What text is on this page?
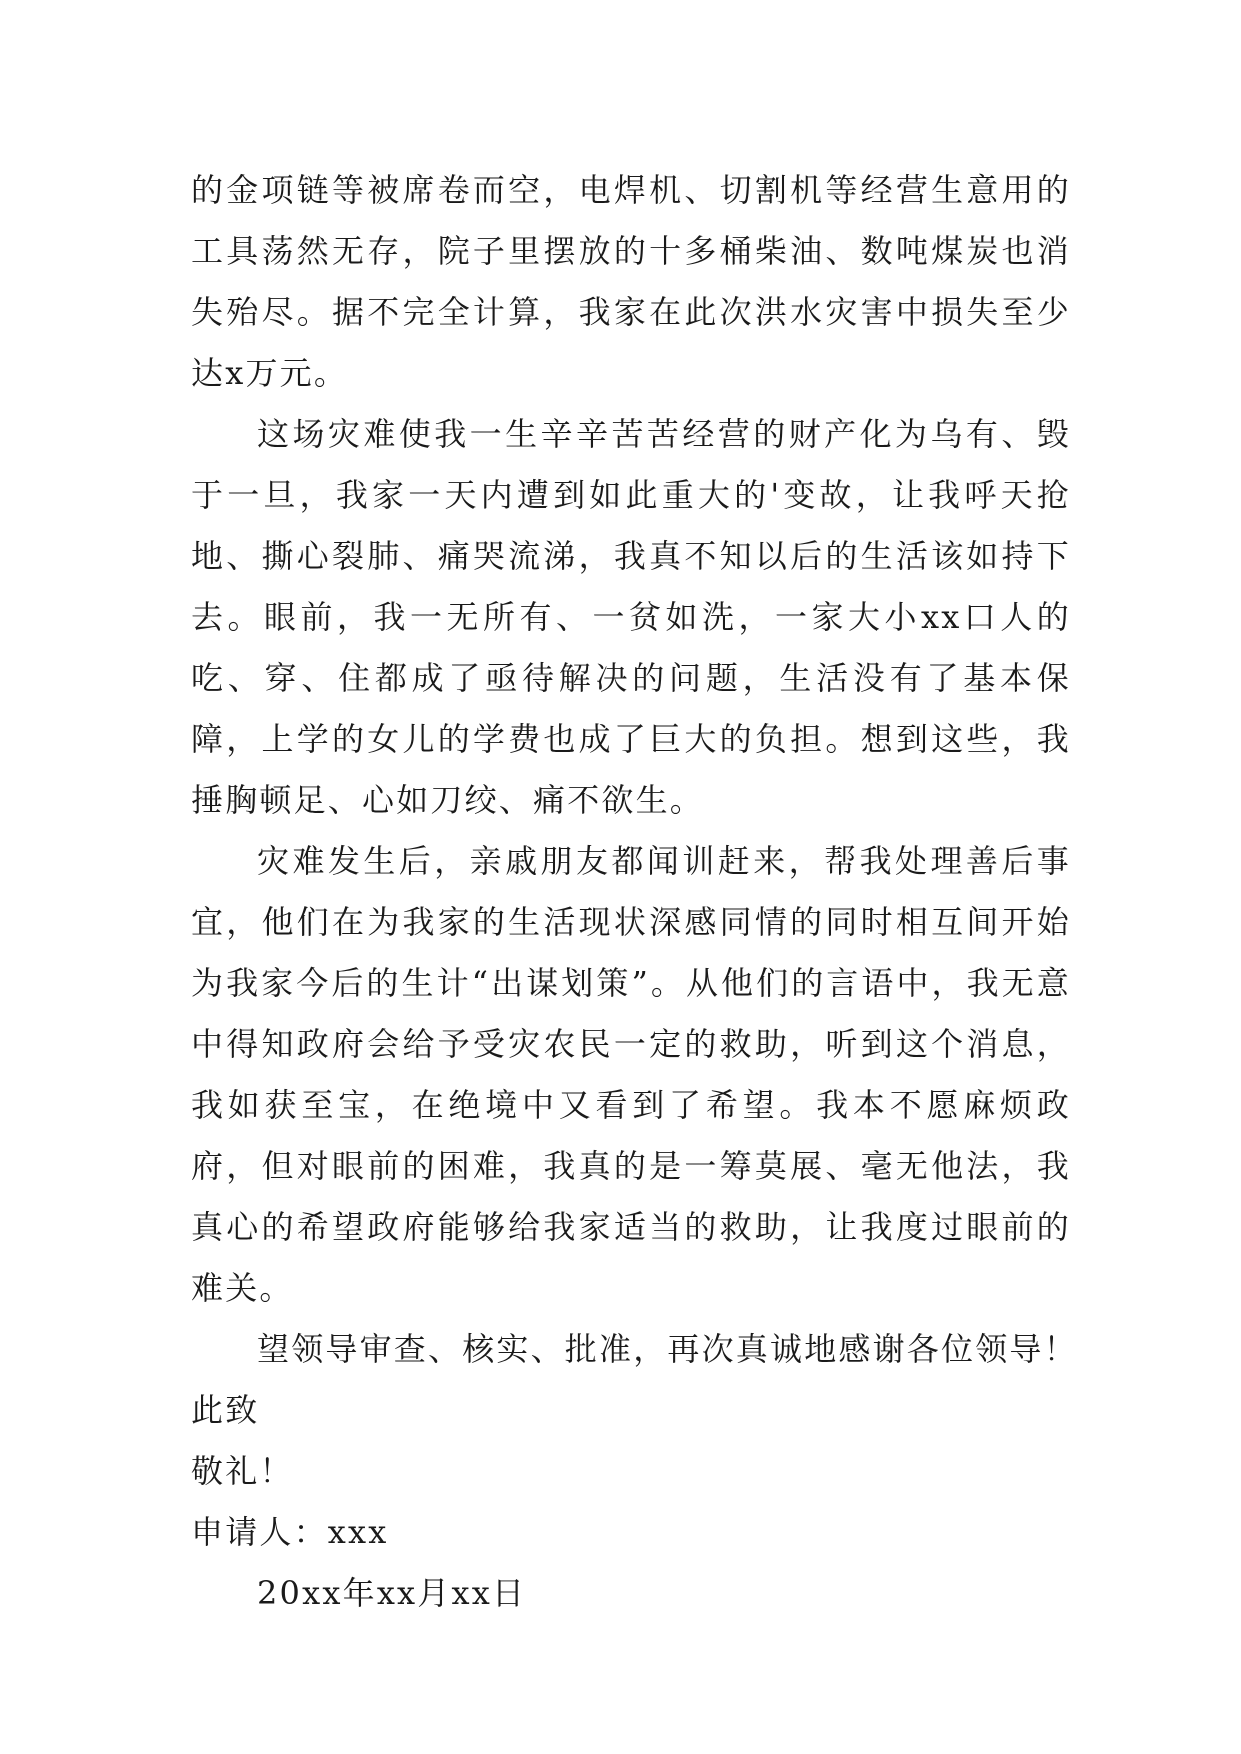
的金项链等被席卷而空，电焊机、切割机等经营生意用的工具荡然无存，院子里摆放的十多桶柴油、数吨煤炭也消失殆尽。据不完全计算，我家在此次洪水灾害中损失至少达x万元。

这场灾难使我一生辛辛苦苦经营的财产化为乌有、毁于一旦，我家一天内遭到如此重大的'变故，让我呼天抢地、撕心裂肺、痛哭流涕，我真不知以后的生活该如持下去。眼前，我一无所有、一贫如洗，一家大小xx口人的吃、穿、住都成了亟待解决的问题，生活没有了基本保障，上学的女儿的学费也成了巨大的负担。想到这些，我捶胸顿足、心如刀绞、痛不欲生。

灾难发生后，亲戚朋友都闻训赶来，帮我处理善后事宜，他们在为我家的生活现状深感同情的同时相互间开始为我家今后的生计“出谋划策”。从他们的言语中，我无意中得知政府会给予受灾农民一定的救助，听到这个消息，我如获至宝，在绝境中又看到了希望。我本不愿麻烦政府，但对眼前的困难，我真的是一筹莫展、毫无他法，我真心的希望政府能够给我家适当的救助，让我度过眼前的难关。

望领导审查、核实、批准，再次真诚地感谢各位领导！

此致

敬礼！

申请人：xxx

20xx年xx月xx日
